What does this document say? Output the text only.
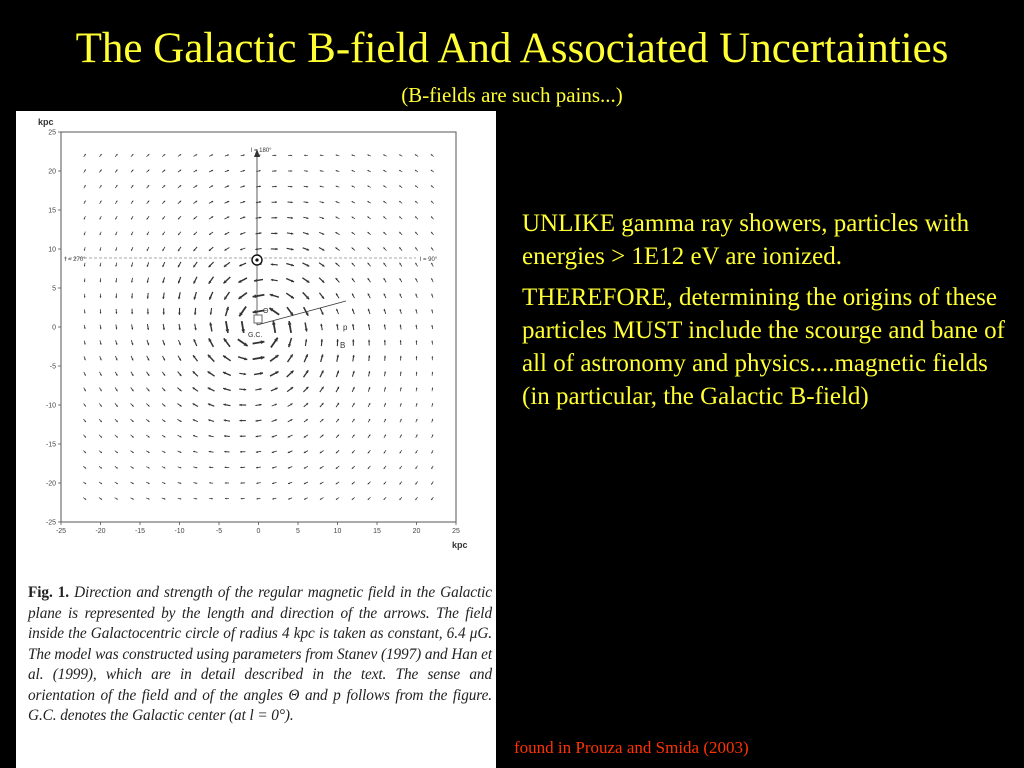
The Galactic B-field And Associated Uncertainties
(B-fields are such pains...)
kpc
kpc
-25	-20	-15	-10	-5	0	5	10	15	20	25
25
20
15
10
5
0
-5
-10
-15
-20
-25
l = 180°
l = 270°	l = 90°
Θ
G.C.
p
B
Fig. 1. Direction and strength of the regular magnetic field in the Galactic plane is represented by the length and direction of the arrows. The field inside the Galactocentric circle of radius 4 kpc is taken as constant, 6.4 μG. The model was constructed using parameters from Stanev (1997) and Han et al. (1999), which are in detail described in the text. The sense and orientation of the field and of the angles Θ and p follows from the figure. G.C. denotes the Galactic center (at l = 0°).

UNLIKE gamma ray showers, particles with energies > 1E12 eV are ionized.

THEREFORE, determining the origins of these particles MUST include the scourge and bane of all of astronomy and physics....magnetic fields (in particular, the Galactic B-field)

found in Prouza and Smida (2003)
